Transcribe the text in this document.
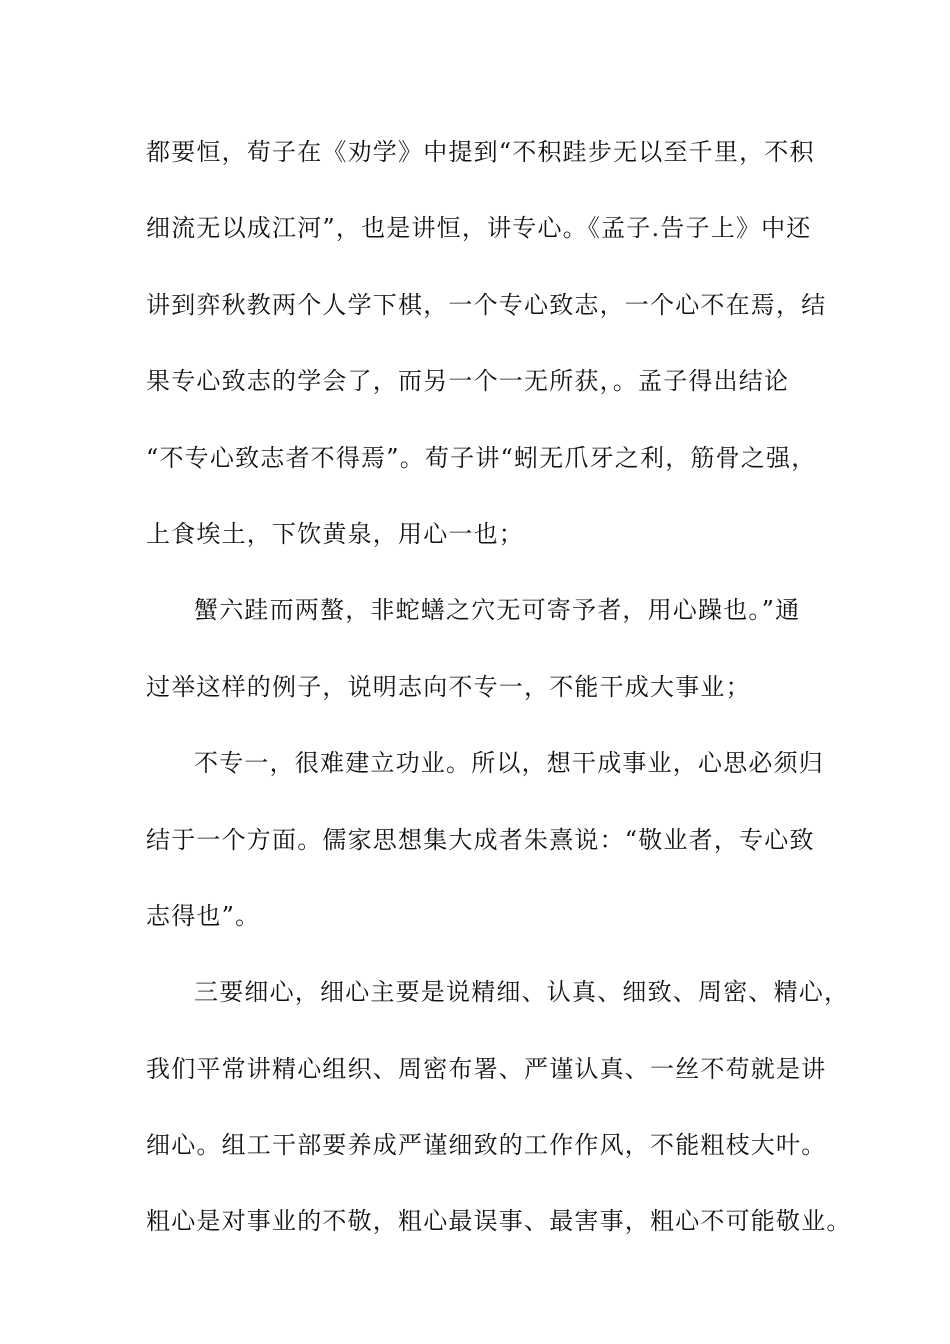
都要恒，荀子在《劝学》中提到“不积跬步无以至千里，不积
细流无以成江河”，也是讲恒，讲专心。《孟子.告子上》中还
讲到弈秋教两个人学下棋，一个专心致志，一个心不在焉，结
果专心致志的学会了，而另一个一无所获，。孟子得出结论
“不专心致志者不得焉”。荀子讲“蚓无爪牙之利，筋骨之强，
上食埃土，下饮黄泉，用心一也；
蟹六跬而两螯，非蛇蟮之穴无可寄予者，用心躁也。”通
过举这样的例子，说明志向不专一，不能干成大事业；
不专一，很难建立功业。所以，想干成事业，心思必须归
结于一个方面。儒家思想集大成者朱熹说：“敬业者，专心致
志得也”。
三要细心，细心主要是说精细、认真、细致、周密、精心，
我们平常讲精心组织、周密布署、严谨认真、一丝不苟就是讲
细心。组工干部要养成严谨细致的工作作风，不能粗枝大叶。
粗心是对事业的不敬，粗心最误事、最害事，粗心不可能敬业。
